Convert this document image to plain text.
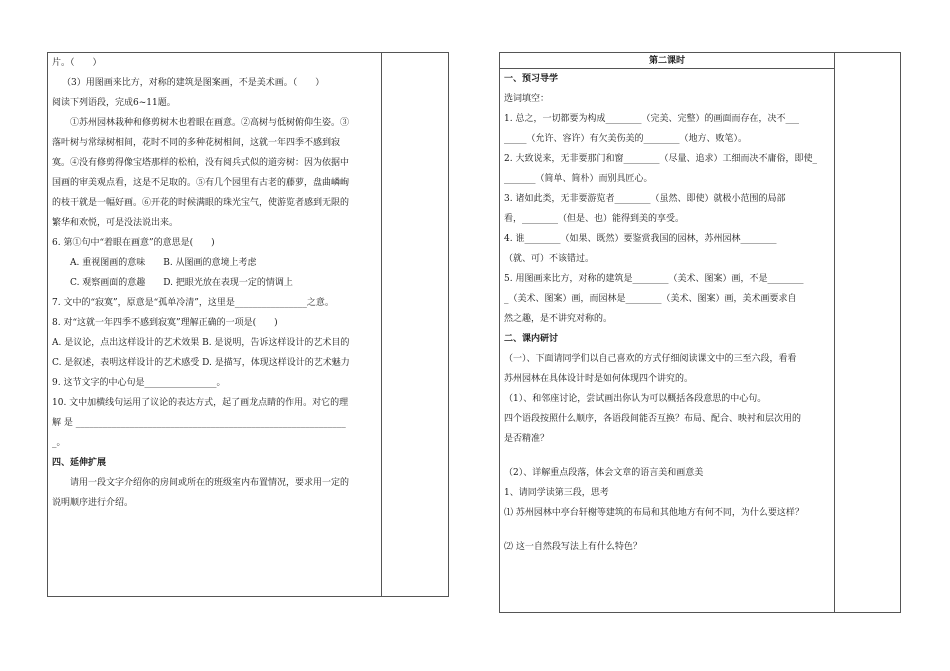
片。（　　）

（3）用图画来比方，对称的建筑是图案画，不是美术画。（　　）

阅读下列语段，完成6~11题。

①苏州园林栽种和修剪树木也着眼在画意。②高树与低树俯仰生姿。③

落叶树与常绿树相间，花时不同的多种花树相间，这就一年四季不感到寂

寞。④没有修剪得像宝塔那样的松柏，没有阅兵式似的道旁树：因为依据中

国画的审美观点看，这是不足取的。⑤有几个园里有古老的藤萝，盘曲嶙峋

的枝干就是一幅好画。⑥开花的时候满眼的珠光宝气，使游览者感到无限的

繁华和欢悦，可是没法说出来。

6. 第①句中“着眼在画意”的意思是(　　)

A. 重视图画的意味　　B. 从图画的意境上考虑

C. 观察画面的意趣　　D. 把眼光放在表现一定的情调上

7. 文中的“寂寞”，原意是“孤单冷清”，这里是________________之意。

8. 对“这就一年四季不感到寂寞”理解正确的一项是(　　)

A. 是议论，点出这样设计的艺术效果 B. 是说明，告诉这样设计的艺术目的

C. 是叙述，表明这样设计的艺术感受 D. 是描写，体现这样设计的艺术魅力

9. 这节文字的中心句是________________。

10. 文中加横线句运用了议论的表达方式，起了画龙点睛的作用。对它的理

解 是 ____________________________________________________________

_。

四、延伸扩展

请用一段文字介绍你的房间或所在的班级室内布置情况，要求用一定的

说明顺序进行介绍。

第二课时

一、预习导学

选词填空：

1. 总之，一切都要为构成________（完美、完整）的画面而存在，决不___

_____（允许、容许）有欠美伤美的________（地方、败笔）。

2. 大致说来，无非要那门和窗________（尽量、追求）工细而决不庸俗，即使_

_______（简单、简朴）而别具匠心。

3. 诸如此类，无非要游览者________（虽然、即使）就极小范围的局部

看，________（但是、也）能得到美的享受。

4. 谁________（如果、既然）要鉴赏我国的园林，苏州园林________

（就、可）不该错过。

5. 用图画来比方，对称的建筑是________（美术、图案）画，不是________

_（美术、图案）画，而园林是________（美术、图案）画，美术画要求自

然之趣，是不讲究对称的。

二、课内研讨

（一）、下面请同学们以自己喜欢的方式仔细阅读课文中的三至六段，看看

苏州园林在具体设计时是如何体现四个讲究的。

（1）、和邻座讨论，尝试画出你认为可以概括各段意思的中心句。

四个语段按照什么顺序，各语段间能否互换？布局、配合、映衬和层次用的

是否精准？

（2）、详解重点段落，体会文章的语言美和画意美

1、请同学读第三段，思考

⑴ 苏州园林中亭台轩榭等建筑的布局和其他地方有何不同，为什么要这样？

⑵ 这一自然段写法上有什么特色？
